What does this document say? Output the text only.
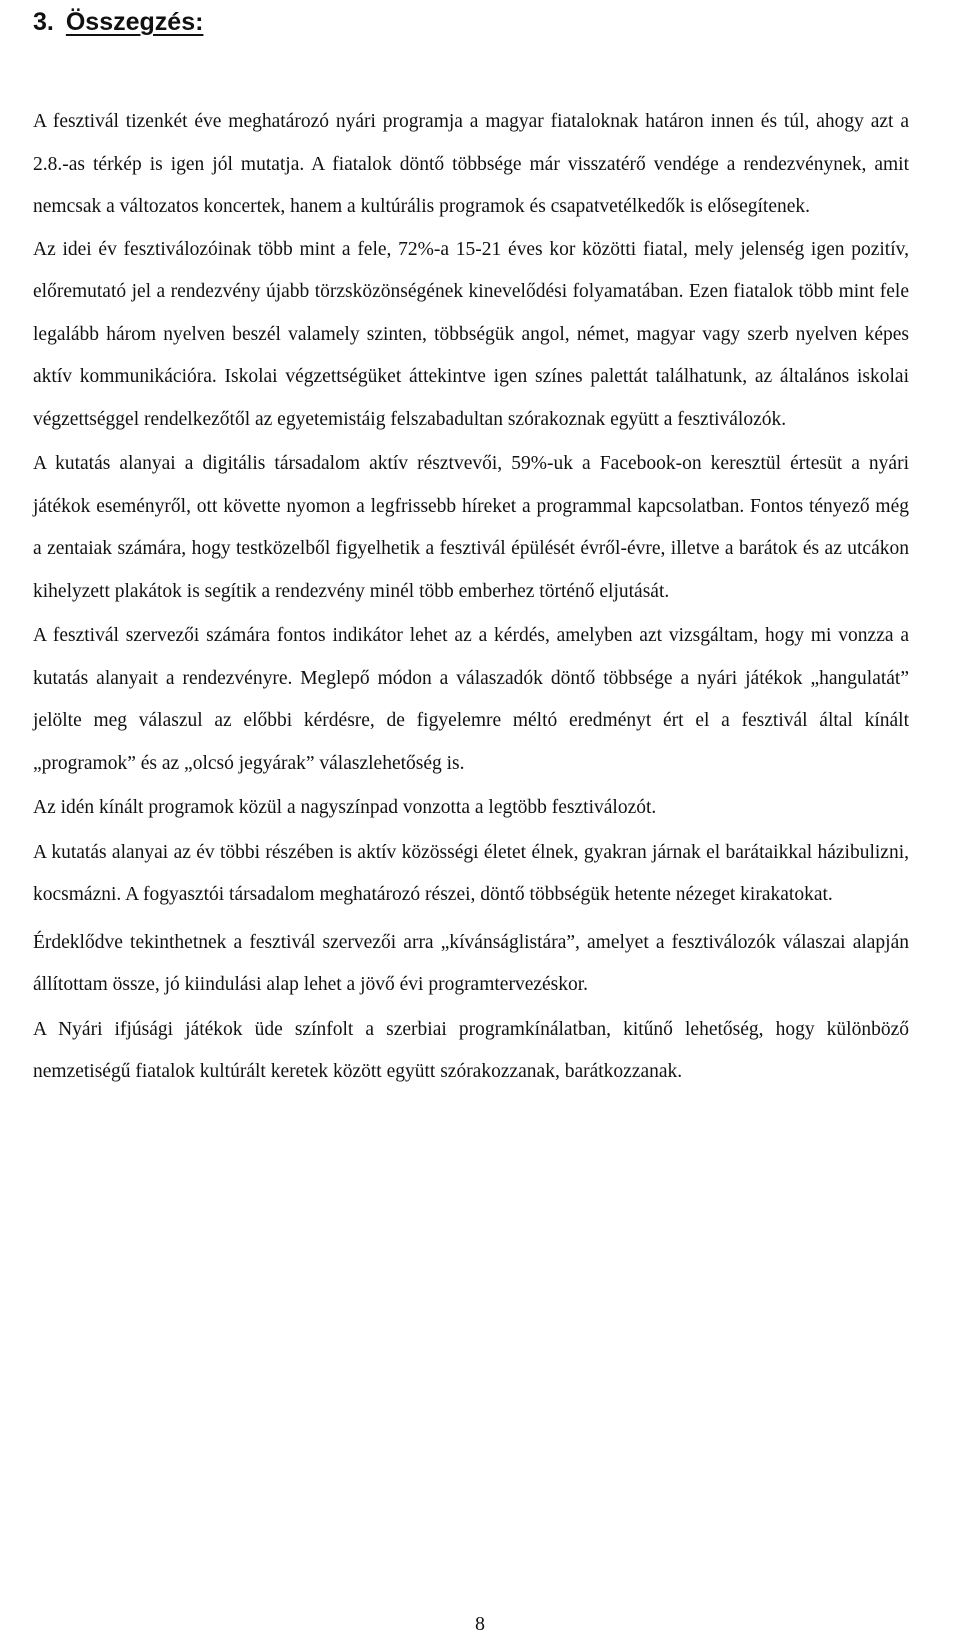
3. Összegzés:

A fesztivál tizenkét éve meghatározó nyári programja a magyar fiataloknak határon innen és túl, ahogy azt a 2.8.-as térkép is igen jól mutatja. A fiatalok döntő többsége már visszatérő vendége a rendezvénynek, amit nemcsak a változatos koncertek, hanem a kultúrális programok és csapatvetélkedők is elősegítenek.

Az idei év fesztiválozóinak több mint a fele, 72%-a 15-21 éves kor közötti fiatal, mely jelenség igen pozitív, előremutató jel a rendezvény újabb törzsközönségének kinevelődési folyamatában. Ezen fiatalok több mint fele legalább három nyelven beszél valamely szinten, többségük angol, német, magyar vagy szerb nyelven képes aktív kommunikációra. Iskolai végzettségüket áttekintve igen színes palettát találhatunk, az általános iskolai végzettséggel rendelkezőtől az egyetemistáig felszabadultan szórakoznak együtt a fesztiválozók.

A kutatás alanyai a digitális társadalom aktív résztvevői, 59%-uk a Facebook-on keresztül értesüt a nyári játékok eseményről, ott követte nyomon a legfrissebb híreket a programmal kapcsolatban. Fontos tényező még a zentaiak számára, hogy testközelből figyelhetik a fesztivál épülését évről-évre, illetve a barátok és az utcákon kihelyzett plakátok is segítik a rendezvény minél több emberhez történő eljutását.

A fesztivál szervezői számára fontos indikátor lehet az a kérdés, amelyben azt vizsgáltam, hogy mi vonzza a kutatás alanyait a rendezvényre. Meglepő módon a válaszadók döntő többsége a nyári játékok „hangulatát” jelölte meg válaszul az előbbi kérdésre, de figyelemre méltó eredményt ért el a fesztivál által kínált „programok” és az „olcsó jegyárak” válaszlehetőség is.

Az idén kínált programok közül a nagyszínpad vonzotta a legtöbb fesztiválozót.

A kutatás alanyai az év többi részében is aktív közösségi életet élnek, gyakran járnak el barátaikkal házibulizni, kocsmázni. A fogyasztói társadalom meghatározó részei, döntő többségük hetente nézeget kirakatokat.

Érdeklődve tekinthetnek a fesztivál szervezői arra „kívánságlistára”, amelyet a fesztiválozók válaszai alapján állítottam össze, jó kiindulási alap lehet a jövő évi programtervezéskor.

A Nyári ifjúsági játékok üde színfolt a szerbiai programkínálatban, kitűnő lehetőség, hogy különböző nemzetiségű fiatalok kultúrált keretek között együtt szórakozzanak, barátkozzanak.

8
